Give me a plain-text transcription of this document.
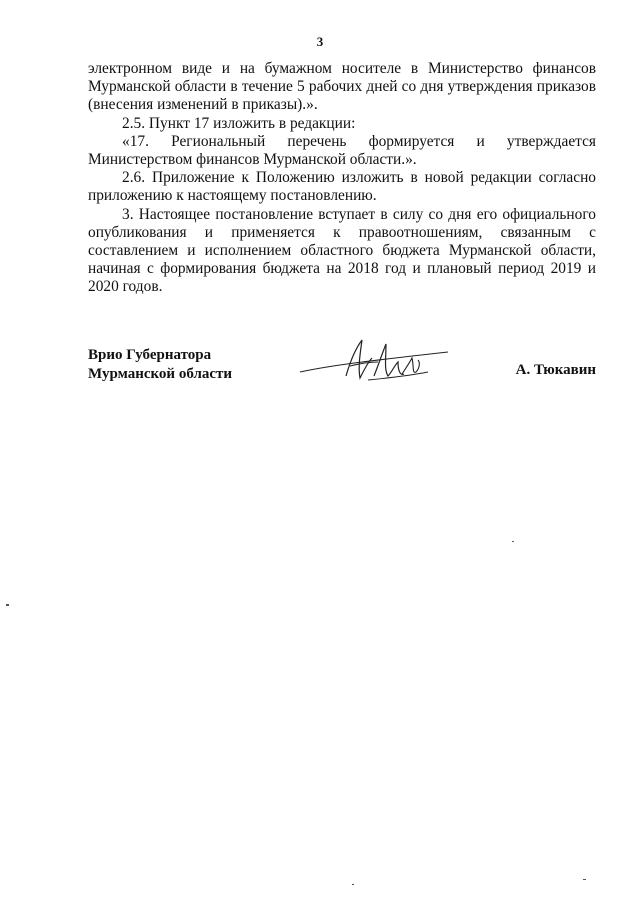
3

электронном виде и на бумажном носителе в Министерство финансов
Мурманской области в течение 5 рабочих дней со дня утверждения приказов
(внесения изменений в приказы).».

2.5. Пункт 17 изложить в редакции:

«17. Региональный перечень формируется и утверждается
Министерством финансов Мурманской области.».

2.6. Приложение к Положению изложить в новой редакции согласно
приложению к настоящему постановлению.

3. Настоящее постановление вступает в силу со дня его официального
опубликования и применяется к правоотношениям, связанным с
составлением и исполнением областного бюджета Мурманской области,
начиная с формирования бюджета на 2018 год и плановый период 2019 и
2020 годов.

Врио Губернатора
Мурманской области	А. Тюкавин
